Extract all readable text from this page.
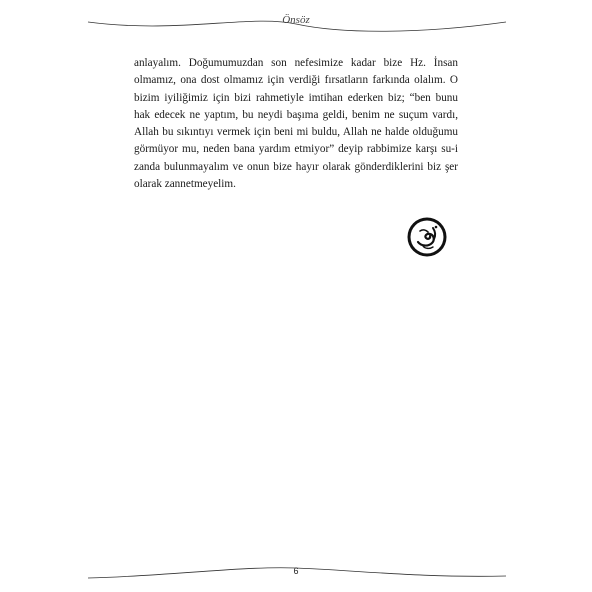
Önsöz

anlayalım. Doğumumuzdan son nefesimize kadar bize Hz. İnsan olmamız, ona dost olmamız için verdiği fırsatların farkında olalım. O bizim iyiliğimiz için bizi rahmetiyle imtihan ederken biz; “ben bunu hak edecek ne yaptım, bu neydi başıma geldi, benim ne suçum vardı, Allah bu sıkıntıyı vermek için beni mi buldu, Allah ne halde olduğumu görmüyor mu, neden bana yardım etmiyor” deyip rabbimize karşı su-i zanda bulunmayalım ve onun bize hayır olarak gönderdiklerini biz şer olarak zannetmeyelim.

6
